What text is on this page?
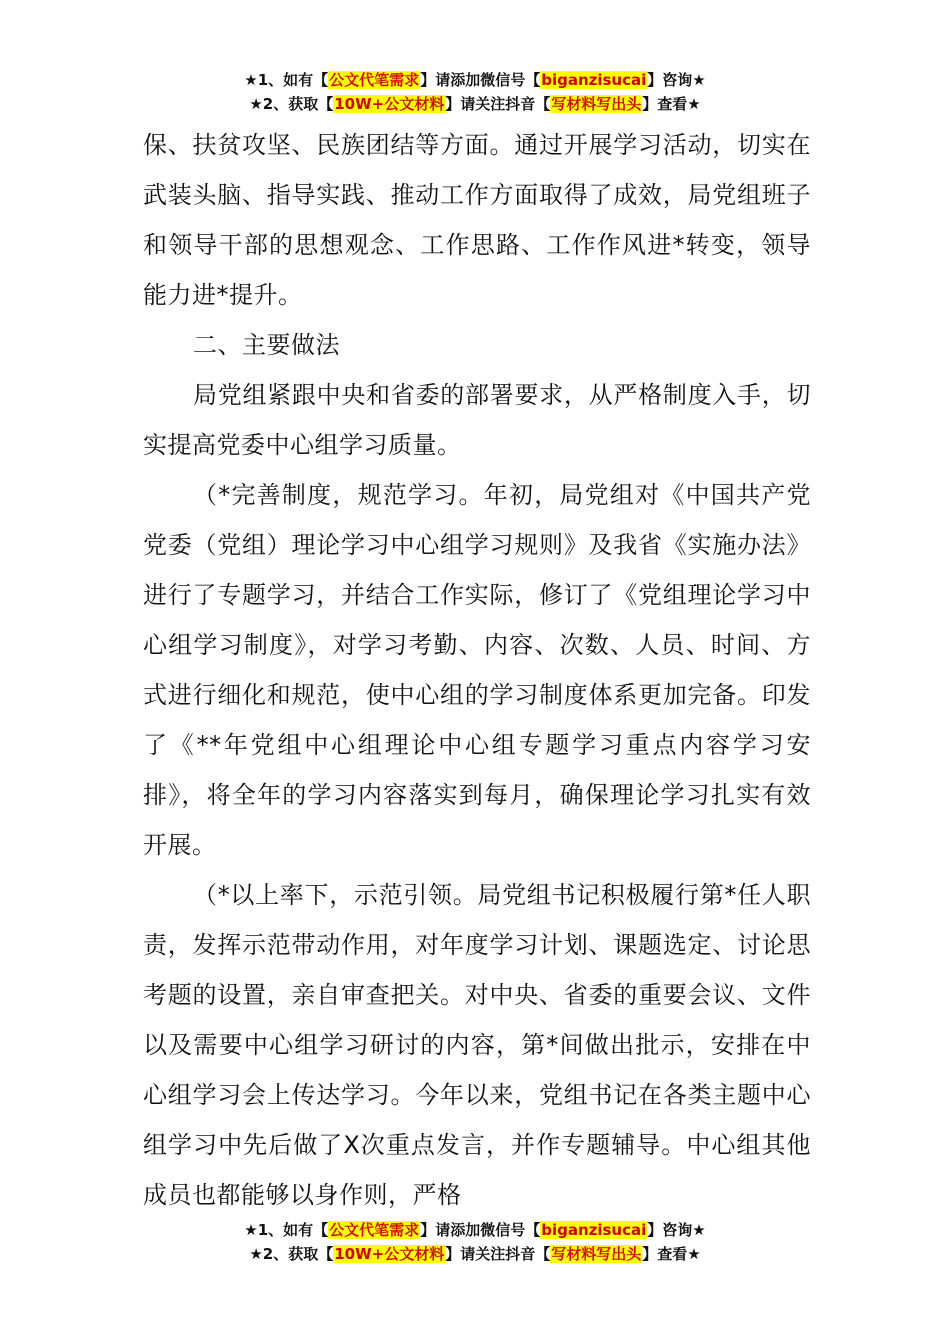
★1、如有【公文代笔需求】请添加微信号【biganzisucai】咨询★
★2、获取【10W+公文材料】请关注抖音【写材料写出头】查看★

保、扶贫攻坚、民族团结等方面。通过开展学习活动，切实在武装头脑、指导实践、推动工作方面取得了成效，局党组班子和领导干部的思想观念、工作思路、工作作风进*转变，领导能力进*提升。

二、主要做法

局党组紧跟中央和省委的部署要求，从严格制度入手，切实提高党委中心组学习质量。

（*完善制度，规范学习。年初，局党组对《中国共产党党委（党组）理论学习中心组学习规则》及我省《实施办法》进行了专题学习，并结合工作实际，修订了《党组理论学习中心组学习制度》，对学习考勤、内容、次数、人员、时间、方式进行细化和规范，使中心组的学习制度体系更加完备。印发了《**年党组中心组理论中心组专题学习重点内容学习安排》，将全年的学习内容落实到每月，确保理论学习扎实有效开展。

（*以上率下，示范引领。局党组书记积极履行第*任人职责，发挥示范带动作用，对年度学习计划、课题选定、讨论思考题的设置，亲自审查把关。对中央、省委的重要会议、文件以及需要中心组学习研讨的内容，第*间做出批示，安排在中心组学习会上传达学习。今年以来，党组书记在各类主题中心组学习中先后做了X次重点发言，并作专题辅导。中心组其他成员也都能够以身作则，严格

★1、如有【公文代笔需求】请添加微信号【biganzisucai】咨询★
★2、获取【10W+公文材料】请关注抖音【写材料写出头】查看★
